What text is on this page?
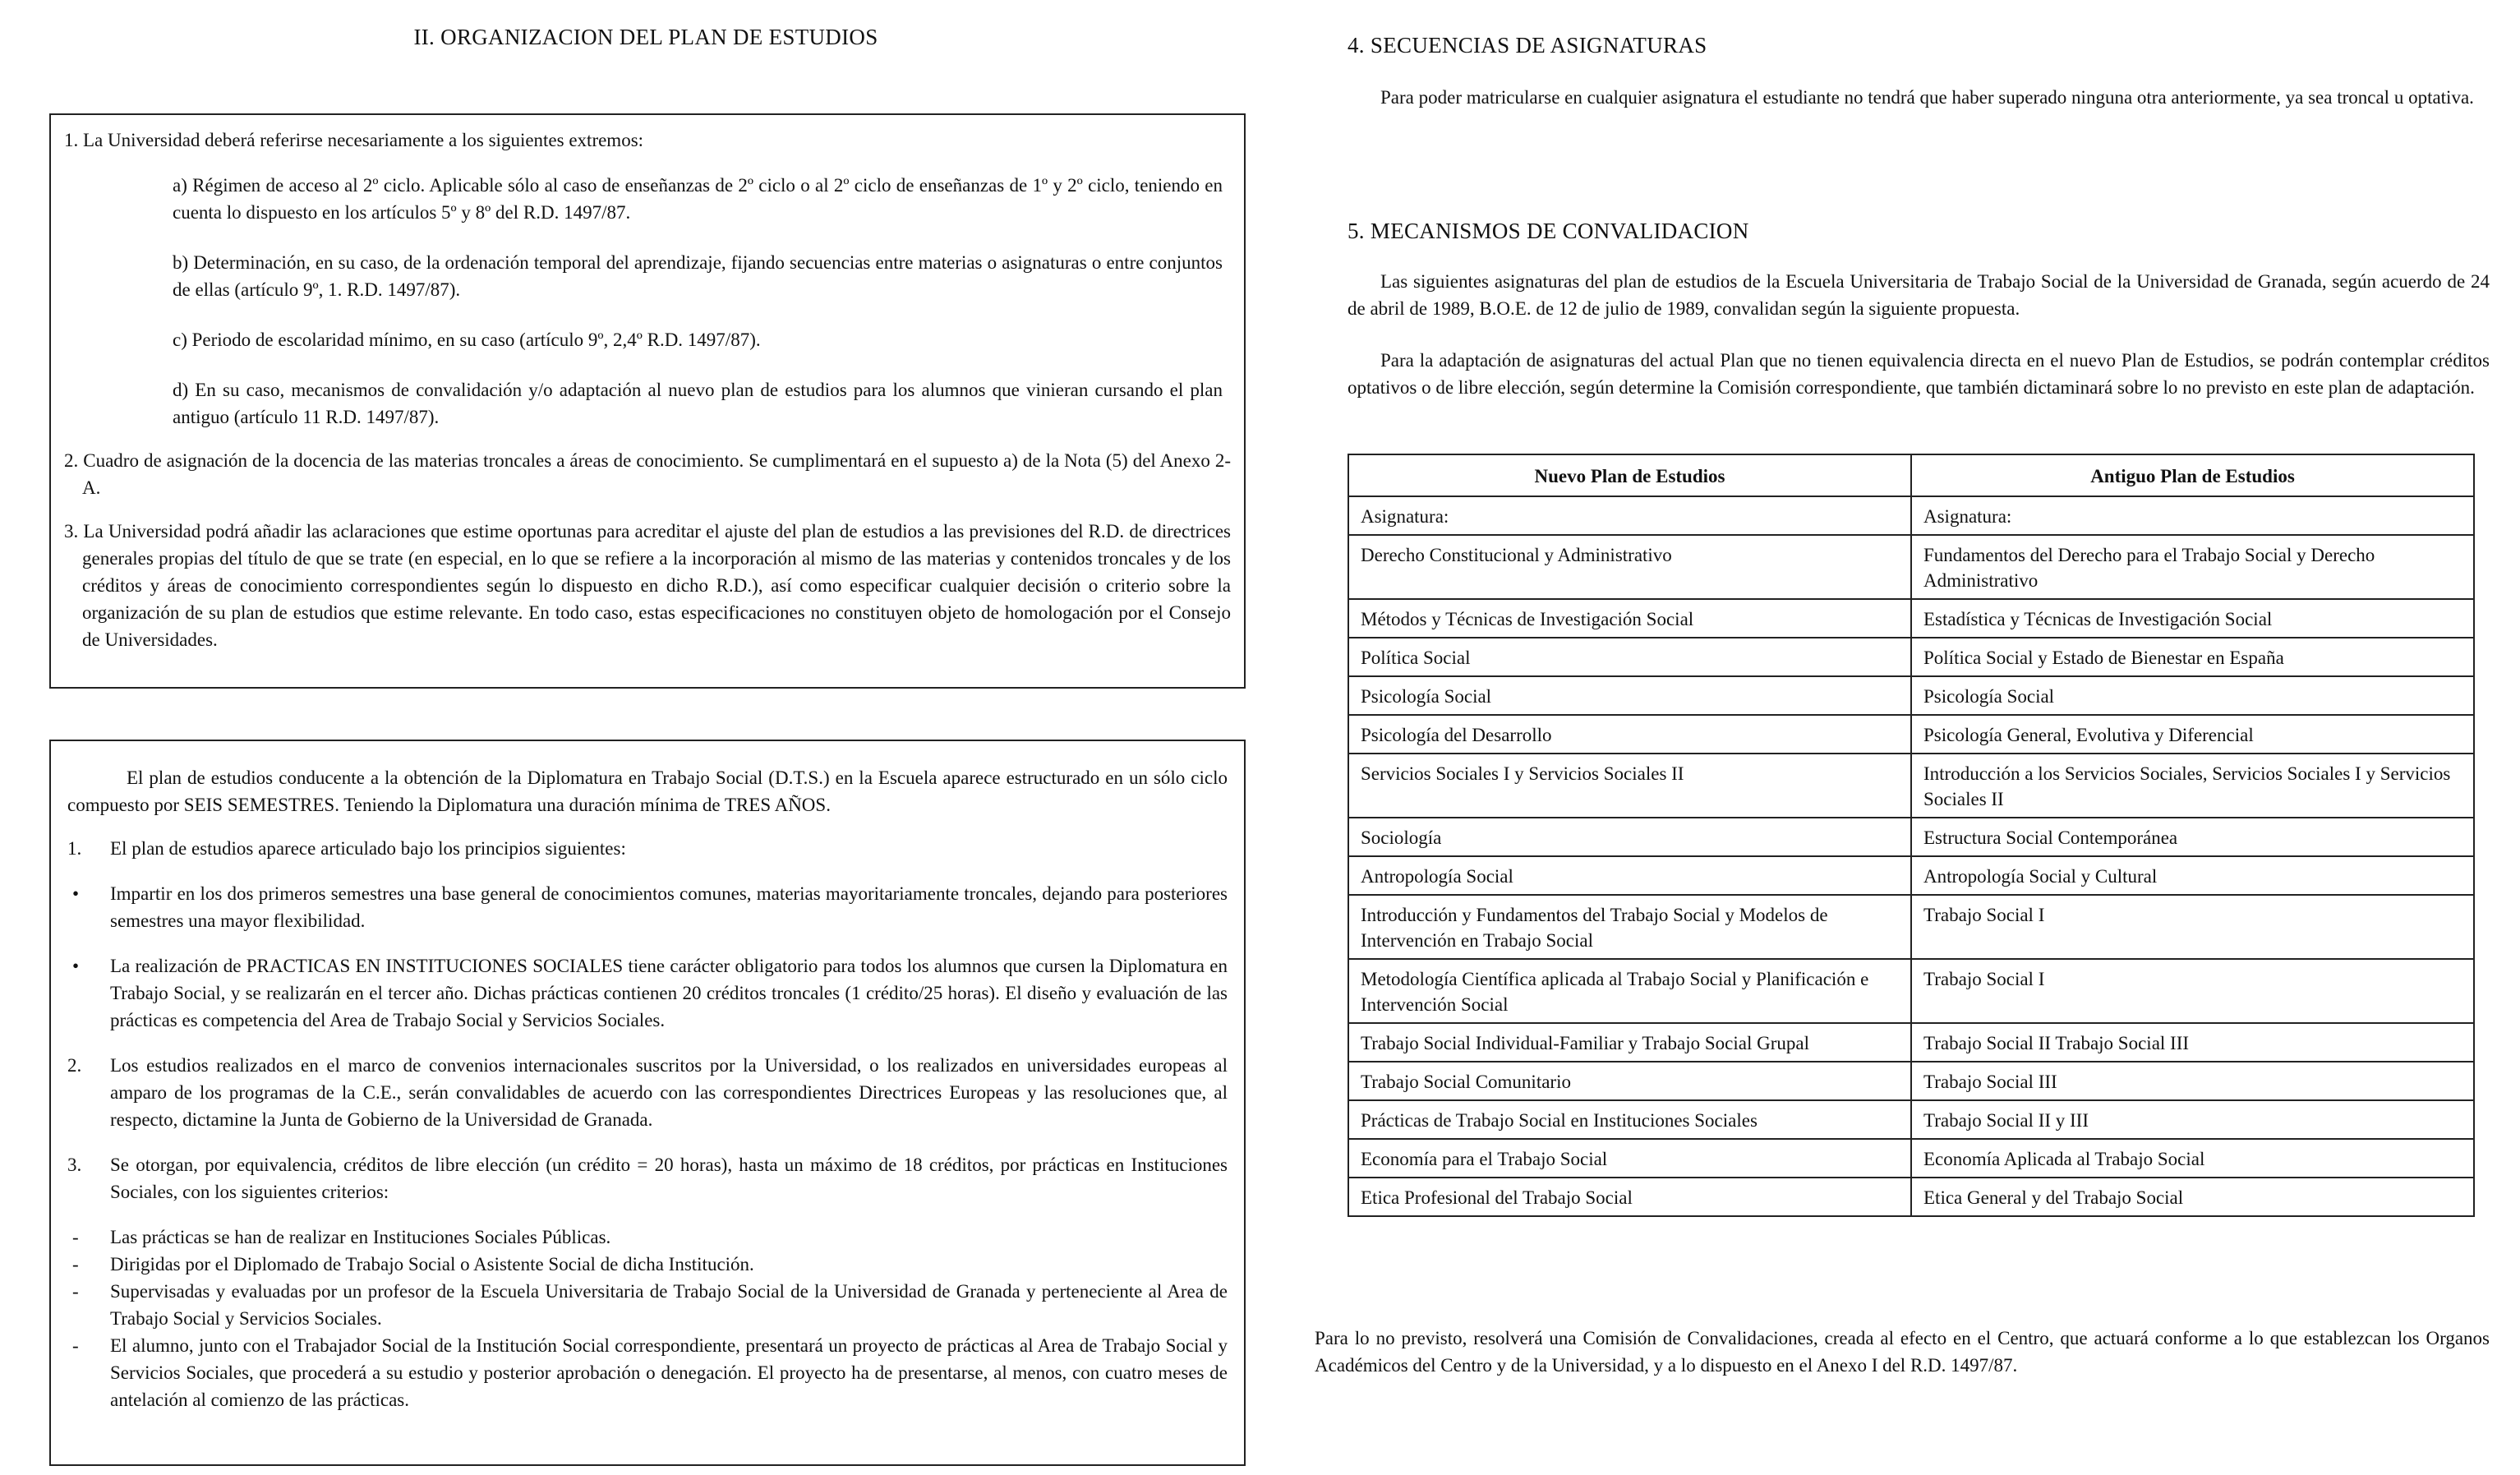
II. ORGANIZACION DEL PLAN DE ESTUDIOS

1. La Universidad deberá referirse necesariamente a los siguientes extremos:

a) Régimen de acceso al 2º ciclo. Aplicable sólo al caso de enseñanzas de 2º ciclo o al 2º ciclo de enseñanzas de 1º y 2º ciclo, teniendo en cuenta lo dispuesto en los artículos 5º y 8º del R.D. 1497/87.

b) Determinación, en su caso, de la ordenación temporal del aprendizaje, fijando secuencias entre materias o asignaturas o entre conjuntos de ellas (artículo 9º, 1. R.D. 1497/87).

c) Periodo de escolaridad mínimo, en su caso (artículo 9º, 2,4º R.D. 1497/87).

d) En su caso, mecanismos de convalidación y/o adaptación al nuevo plan de estudios para los alumnos que vinieran cursando el plan antiguo (artículo 11 R.D. 1497/87).

2. Cuadro de asignación de la docencia de las materias troncales a áreas de conocimiento. Se cumplimentará en el supuesto a) de la Nota (5) del Anexo 2-A.

3. La Universidad podrá añadir las aclaraciones que estime oportunas para acreditar el ajuste del plan de estudios a las previsiones del R.D. de directrices generales propias del título de que se trate (en especial, en lo que se refiere a la incorporación al mismo de las materias y contenidos troncales y de los créditos y áreas de conocimiento correspondientes según lo dispuesto en dicho R.D.), así como especificar cualquier decisión o criterio sobre la organización de su plan de estudios que estime relevante. En todo caso, estas especificaciones no constituyen objeto de homologación por el Consejo de Universidades.

El plan de estudios conducente a la obtención de la Diplomatura en Trabajo Social (D.T.S.) en la Escuela aparece estructurado en un sólo ciclo compuesto por SEIS SEMESTRES. Teniendo la Diplomatura una duración mínima de TRES AÑOS.

1. El plan de estudios aparece articulado bajo los principios siguientes:
• Impartir en los dos primeros semestres una base general de conocimientos comunes, materias mayoritariamente troncales, dejando para posteriores semestres una mayor flexibilidad.
• La realización de PRACTICAS EN INSTITUCIONES SOCIALES tiene carácter obligatorio para todos los alumnos que cursen la Diplomatura en Trabajo Social, y se realizarán en el tercer año. Dichas prácticas contienen 20 créditos troncales (1 crédito/25 horas). El diseño y evaluación de las prácticas es competencia del Area de Trabajo Social y Servicios Sociales.
2. Los estudios realizados en el marco de convenios internacionales suscritos por la Universidad, o los realizados en universidades europeas al amparo de los programas de la C.E., serán convalidables de acuerdo con las correspondientes Directrices Europeas y las resoluciones que, al respecto, dictamine la Junta de Gobierno de la Universidad de Granada.
3. Se otorgan, por equivalencia, créditos de libre elección (un crédito = 20 horas), hasta un máximo de 18 créditos, por prácticas en Instituciones Sociales, con los siguientes criterios:
- Las prácticas se han de realizar en Instituciones Sociales Públicas.
- Dirigidas por el Diplomado de Trabajo Social o Asistente Social de dicha Institución.
- Supervisadas y evaluadas por un profesor de la Escuela Universitaria de Trabajo Social de la Universidad de Granada y perteneciente al Area de Trabajo Social y Servicios Sociales.
- El alumno, junto con el Trabajador Social de la Institución Social correspondiente, presentará un proyecto de prácticas al Area de Trabajo Social y Servicios Sociales, que procederá a su estudio y posterior aprobación o denegación. El proyecto ha de presentarse, al menos, con cuatro meses de antelación al comienzo de las prácticas.
4. SECUENCIAS DE ASIGNATURAS

Para poder matricularse en cualquier asignatura el estudiante no tendrá que haber superado ninguna otra anteriormente, ya sea troncal u optativa.

5. MECANISMOS DE CONVALIDACION

Las siguientes asignaturas del plan de estudios de la Escuela Universitaria de Trabajo Social de la Universidad de Granada, según acuerdo de 24 de abril de 1989, B.O.E. de 12 de julio de 1989, convalidan según la siguiente propuesta.

Para la adaptación de asignaturas del actual Plan que no tienen equivalencia directa en el nuevo Plan de Estudios, se podrán contemplar créditos optativos o de libre elección, según determine la Comisión correspondiente, que también dictaminará sobre lo no previsto en este plan de adaptación.

Nuevo Plan de Estudios	Antiguo Plan de Estudios
Asignatura:	Asignatura:
Derecho Constitucional y Administrativo	Fundamentos del Derecho para el Trabajo Social y Derecho Administrativo
Métodos y Técnicas de Investigación Social	Estadística y Técnicas de Investigación Social
Política Social	Política Social y Estado de Bienestar en España
Psicología Social	Psicología Social
Psicología del Desarrollo	Psicología General, Evolutiva y Diferencial
Servicios Sociales I y Servicios Sociales II	Introducción a los Servicios Sociales, Servicios Sociales I y Servicios Sociales II
Sociología	Estructura Social Contemporánea
Antropología Social	Antropología Social y Cultural
Introducción y Fundamentos del Trabajo Social y Modelos de Intervención en Trabajo Social	Trabajo Social I
Metodología Científica aplicada al Trabajo Social y Planificación e Intervención Social	Trabajo Social I
Trabajo Social Individual-Familiar y Trabajo Social Grupal	Trabajo Social II Trabajo Social III
Trabajo Social Comunitario	Trabajo Social III
Prácticas de Trabajo Social en Instituciones Sociales	Trabajo Social II y III
Economía para el Trabajo Social	Economía Aplicada al Trabajo Social
Etica Profesional del Trabajo Social	Etica General y del Trabajo Social

Para lo no previsto, resolverá una Comisión de Convalidaciones, creada al efecto en el Centro, que actuará conforme a lo que establezcan los Organos Académicos del Centro y de la Universidad, y a lo dispuesto en el Anexo I del R.D. 1497/87.
